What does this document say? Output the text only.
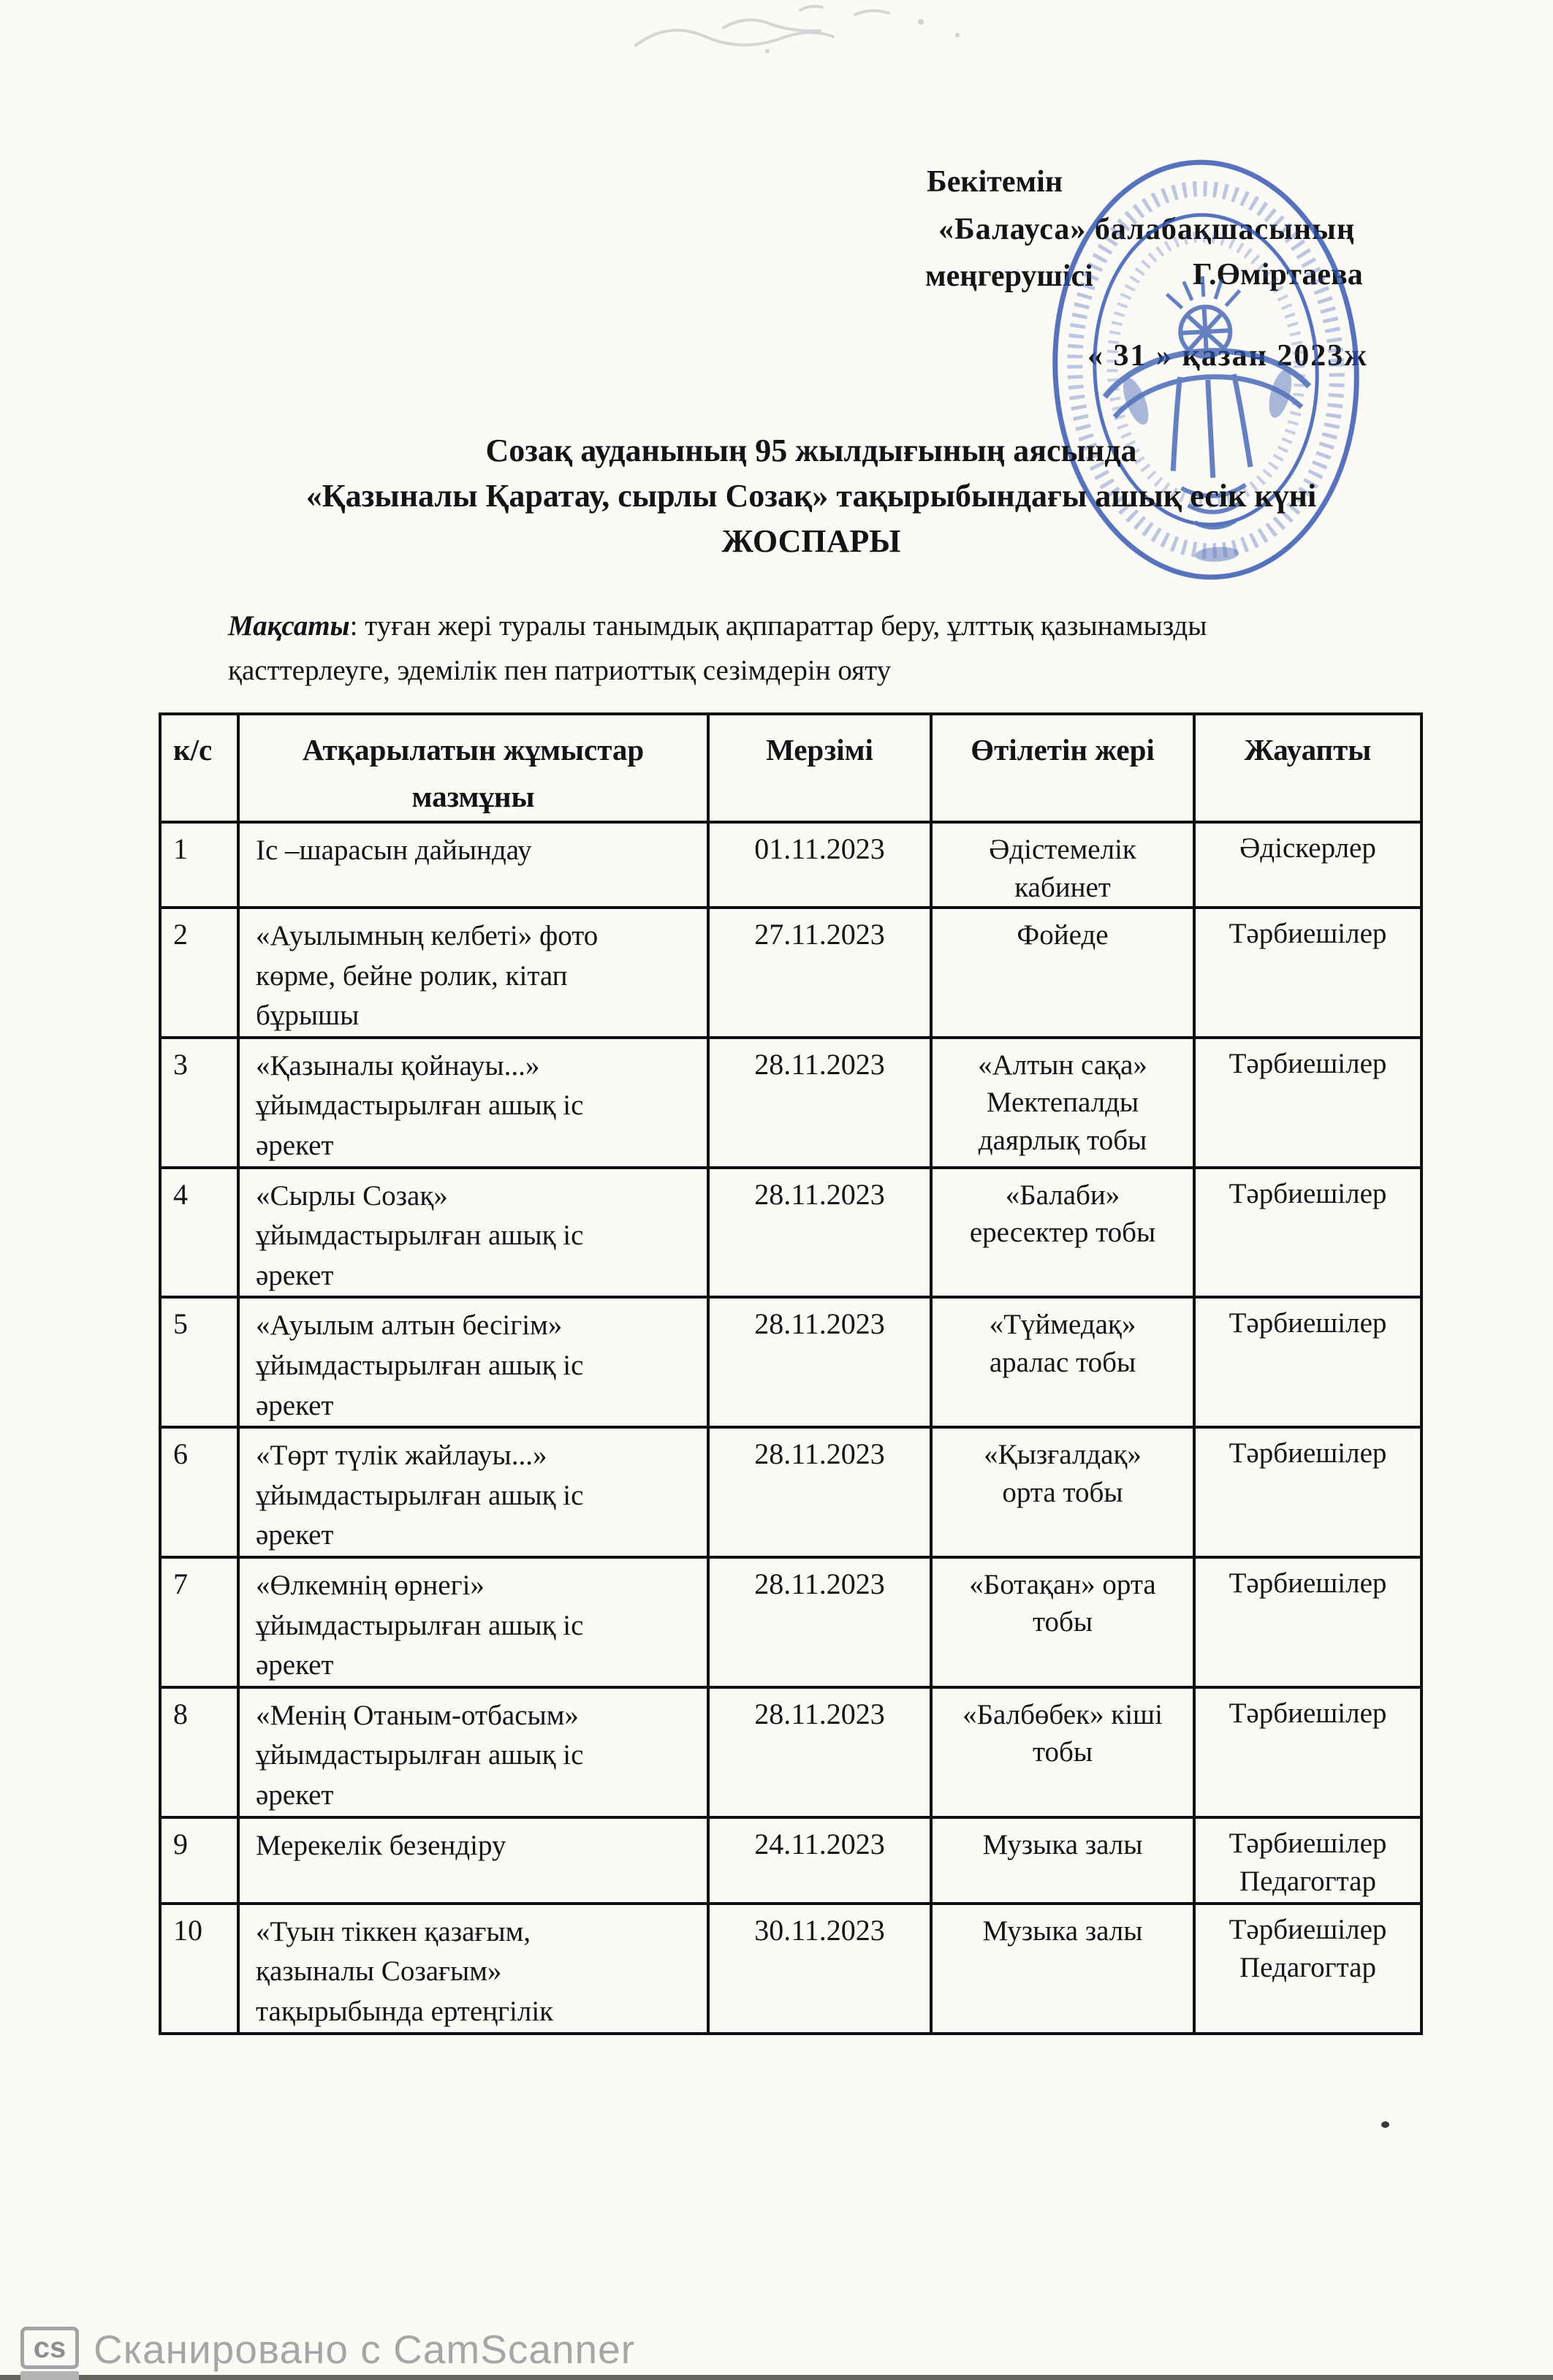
Бекітемін
«Балауса» балабақшасының
меңгерушісі	Г.Өміртаева
« 31 » қазан 2023ж
Созақ ауданының 95 жылдығының аясында
«Қазыналы Қаратау, сырлы Созақ» тақырыбындағы ашық есік күні
ЖОСПАРЫ
Мақсаты: туған жері туралы танымдық ақппараттар беру, ұлттық қазынамызды
қасттерлеуге, эдемілік пен патриоттық сезімдерін ояту
к/с	Атқарылатын жұмыстар
мазмұны	Мерзімі	Өтілетін жері	Жауапты
1	Іс –шарасын дайындау	01.11.2023	Әдістемелік
кабинет	Әдіскерлер
2	«Ауылымның келбеті» фото
көрме, бейне ролик, кітап
бұрышы	27.11.2023	Фойеде	Тәрбиешілер
3	«Қазыналы қойнауы...»
ұйымдастырылған ашық іс
әрекет	28.11.2023	«Алтын сақа»
Мектепалды
даярлық тобы	Тәрбиешілер
4	«Сырлы Созақ»
ұйымдастырылған ашық іс
әрекет	28.11.2023	«Балаби»
ересектер тобы	Тәрбиешілер
5	«Ауылым алтын бесігім»
ұйымдастырылған ашық іс
әрекет	28.11.2023	«Түймедақ»
аралас тобы	Тәрбиешілер
6	«Төрт түлік жайлауы...»
ұйымдастырылған ашық іс
әрекет	28.11.2023	«Қызғалдақ»
орта тобы	Тәрбиешілер
7	«Өлкемнің өрнегі»
ұйымдастырылған ашық іс
әрекет	28.11.2023	«Ботақан» орта
тобы	Тәрбиешілер
8	«Менің Отаным-отбасым»
ұйымдастырылған ашық іс
әрекет	28.11.2023	«Балбөбек» кіші
тобы	Тәрбиешілер
9	Мерекелік безендіру	24.11.2023	Музыка залы	Тәрбиешілер
Педагогтар
10	«Туын тіккен қазағым,
қазыналы Созағым»
тақырыбында ертеңгілік	30.11.2023	Музыка залы	Тәрбиешілер
Педагогтар
cs Сканировано с CamScanner
